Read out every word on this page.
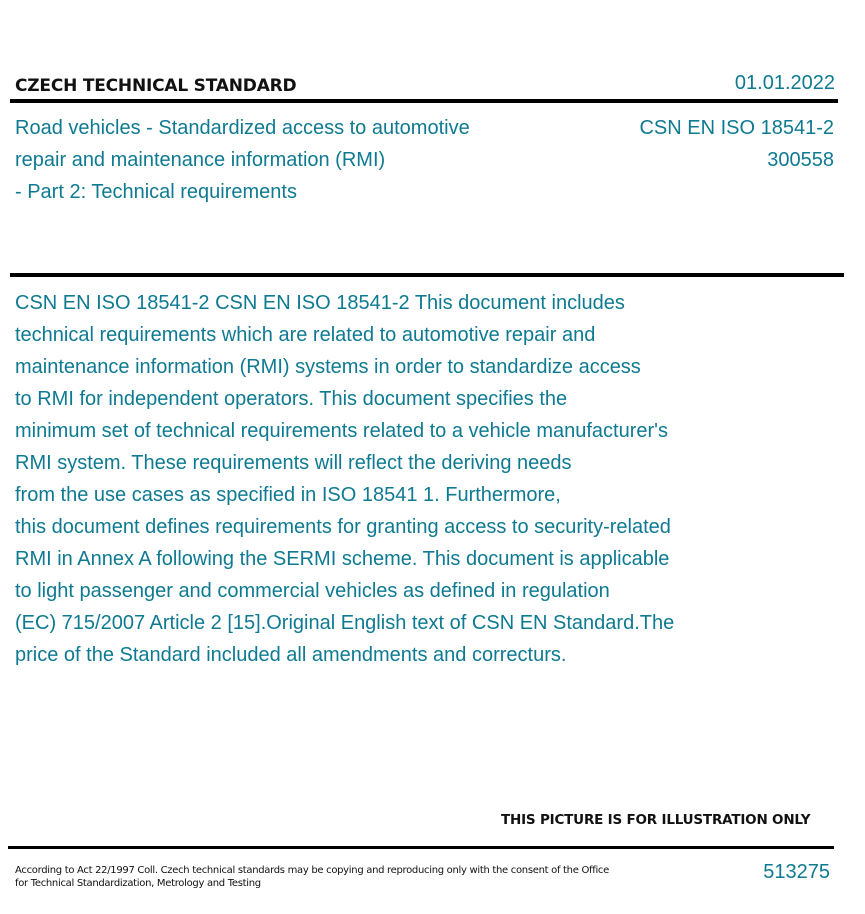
CZECH TECHNICAL STANDARD	01.01.2022
Road vehicles - Standardized access to automotive
repair and maintenance information (RMI)
- Part 2: Technical requirements
CSN EN ISO 18541-2
300558
CSN EN ISO 18541-2 CSN EN ISO 18541-2 This document includes
technical requirements which are related to automotive repair and
maintenance information (RMI) systems in order to standardize access
to RMI for independent operators. This document specifies the
minimum set of technical requirements related to a vehicle manufacturer's
RMI system. These requirements will reflect the deriving needs
from the use cases as specified in ISO 18541 1. Furthermore,
this document defines requirements for granting access to security-related
RMI in Annex A following the SERMI scheme. This document is applicable
to light passenger and commercial vehicles as defined in regulation
(EC) 715/2007 Article 2 [15].Original English text of CSN EN Standard.The
price of the Standard included all amendments and correcturs.
THIS PICTURE IS FOR ILLUSTRATION ONLY
According to Act 22/1997 Coll. Czech technical standards may be copying and reproducing only with the consent of the Office
for Technical Standardization, Metrology and Testing
513275
